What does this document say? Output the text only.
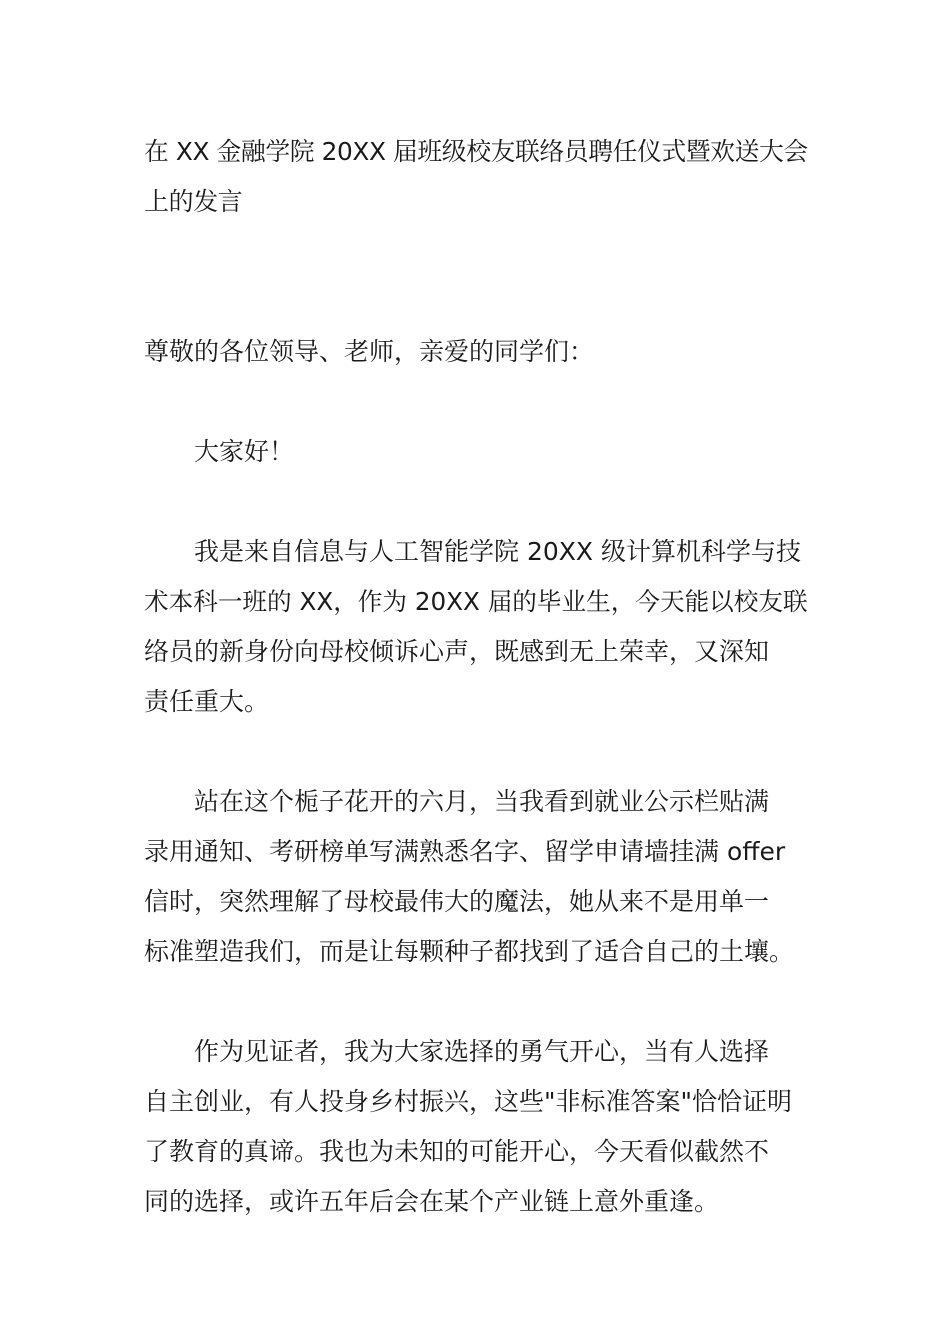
在 XX 金融学院 20XX 届班级校友联络员聘任仪式暨欢送大会
上的发言
尊敬的各位领导、老师，亲爱的同学们：
大家好！
我是来自信息与人工智能学院 20XX 级计算机科学与技
术本科一班的 XX，作为 20XX 届的毕业生，今天能以校友联
络员的新身份向母校倾诉心声，既感到无上荣幸，又深知
责任重大。
站在这个栀子花开的六月，当我看到就业公示栏贴满
录用通知、考研榜单写满熟悉名字、留学申请墙挂满 offer
信时，突然理解了母校最伟大的魔法，她从来不是用单一
标准塑造我们，而是让每颗种子都找到了适合自己的土壤。
作为见证者，我为大家选择的勇气开心，当有人选择
自主创业，有人投身乡村振兴，这些"非标准答案"恰恰证明
了教育的真谛。我也为未知的可能开心，今天看似截然不
同的选择，或许五年后会在某个产业链上意外重逢。
